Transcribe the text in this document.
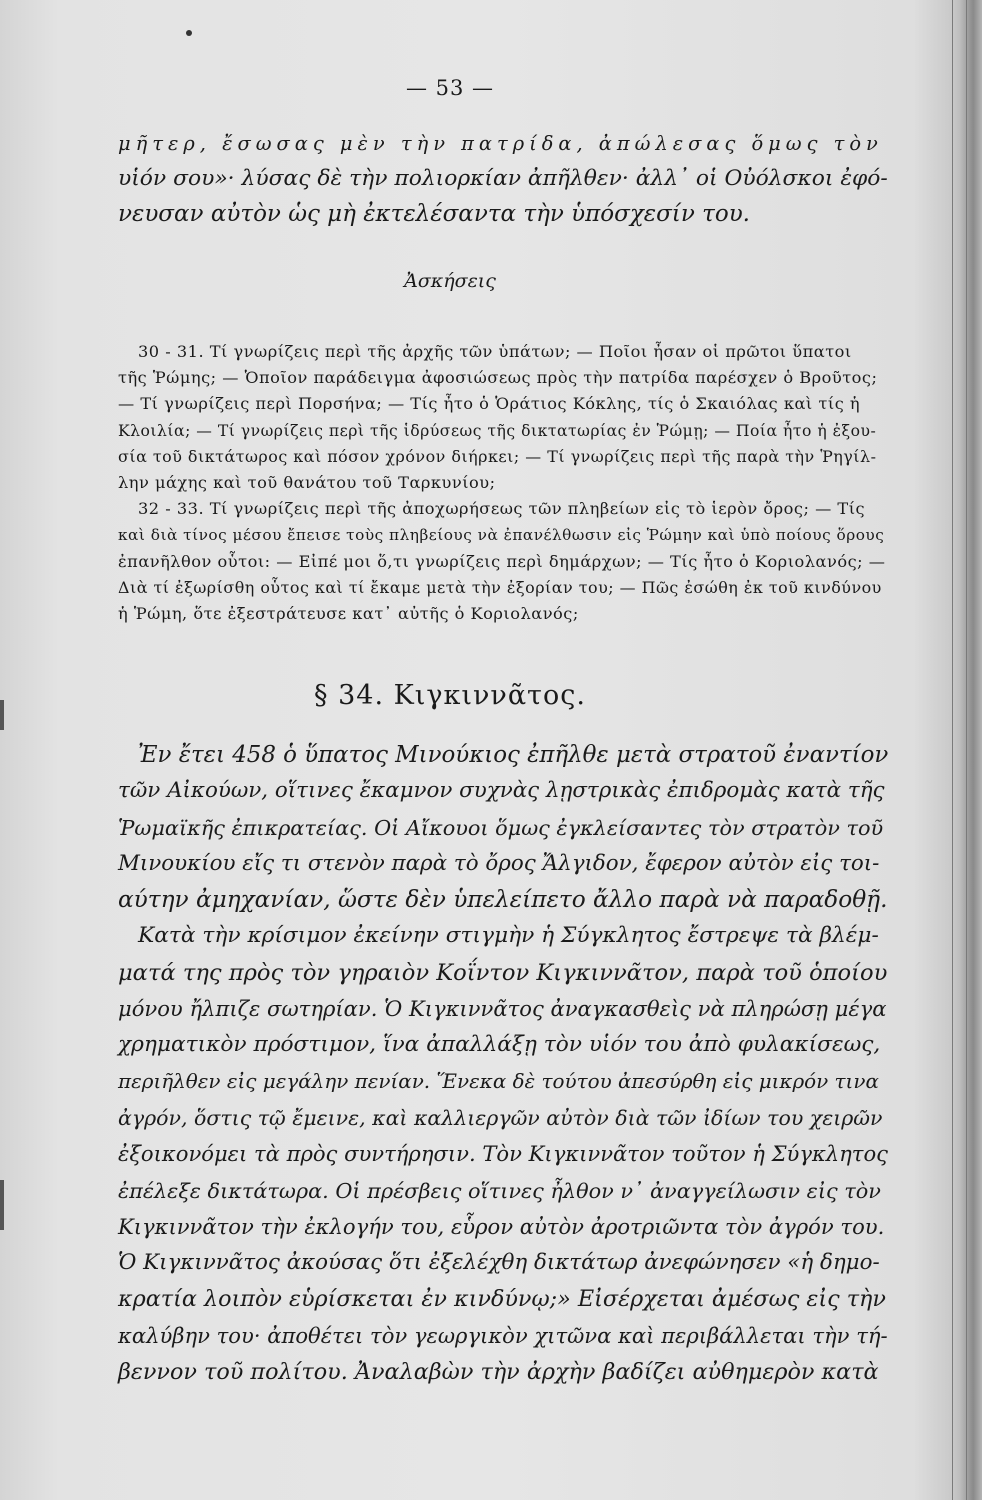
— 53 —
μῆτερ, ἔσωσας μὲν τὴν πατρίδα, ἀπώλεσας ὅμως τὸν
υἱόν σου»· λύσας δὲ τὴν πολιορκίαν ἀπῆλθεν· ἀλλ᾿ οἱ Οὐόλσκοι ἐφό-
νευσαν αὐτὸν ὡς μὴ ἐκτελέσαντα τὴν ὑπόσχεσίν του.
Ἀσκήσεις
30 - 31. Τί γνωρίζεις περὶ τῆς ἀρχῆς τῶν ὑπάτων; — Ποῖοι ἦσαν οἱ πρῶτοι ὕπατοι
τῆς Ῥώμης; — Ὁποῖον παράδειγμα ἀφοσιώσεως πρὸς τὴν πατρίδα παρέσχεν ὁ Βροῦτος;
— Τί γνωρίζεις περὶ Πορσήνα; — Τίς ἦτο ὁ Ὁράτιος Κόκλης, τίς ὁ Σκαιόλας καὶ τίς ἡ
Κλοιλία; — Τί γνωρίζεις περὶ τῆς ἱδρύσεως τῆς δικτατωρίας ἐν Ῥώμῃ; — Ποία ἦτο ἡ ἐξου-
σία τοῦ δικτάτωρος καὶ πόσον χρόνον διήρκει; — Τί γνωρίζεις περὶ τῆς παρὰ τὴν Ῥηγίλ-
λην μάχης καὶ τοῦ θανάτου τοῦ Ταρκυνίου;
32 - 33. Τί γνωρίζεις περὶ τῆς ἀποχωρήσεως τῶν πληβείων εἰς τὸ ἱερὸν ὄρος; — Τίς
καὶ διὰ τίνος μέσου ἔπεισε τοὺς πληβείους νὰ ἐπανέλθωσιν εἰς Ῥώμην καὶ ὑπὸ ποίους ὅρους
ἐπανῆλθον οὗτοι: — Εἰπέ μοι ὅ,τι γνωρίζεις περὶ δημάρχων; — Τίς ἦτο ὁ Κοριολανός; —
Διὰ τί ἐξωρίσθη οὗτος καὶ τί ἔκαμε μετὰ τὴν ἐξορίαν του; — Πῶς ἐσώθη ἐκ τοῦ κινδύνου
ἡ Ῥώμη, ὅτε ἐξεστράτευσε κατ᾿ αὐτῆς ὁ Κοριολανός;
§ 34. Κιγκιννᾶτος.
Ἐν ἔτει 458 ὁ ὕπατος Μινούκιος ἐπῆλθε μετὰ στρατοῦ ἐναντίον
τῶν Αἰκούων, οἵτινες ἔκαμνον συχνὰς λῃστρικὰς ἐπιδρομὰς κατὰ τῆς
Ῥωμαϊκῆς ἐπικρατείας. Οἱ Αἴκουοι ὅμως ἐγκλείσαντες τὸν στρατὸν τοῦ
Μινουκίου εἴς τι στενὸν παρὰ τὸ ὄρος Ἄλγιδον, ἔφερον αὐτὸν εἰς τοι-
αύτην ἀμηχανίαν, ὥστε δὲν ὑπελείπετο ἄλλο παρὰ νὰ παραδοθῇ.
Κατὰ τὴν κρίσιμον ἐκείνην στιγμὴν ἡ Σύγκλητος ἔστρεψε τὰ βλέμ-
ματά της πρὸς τὸν γηραιὸν Κοΐντον Κιγκιννᾶτον, παρὰ τοῦ ὁποίου
μόνου ἤλπιζε σωτηρίαν. Ὁ Κιγκιννᾶτος ἀναγκασθεὶς νὰ πληρώσῃ μέγα
χρηματικὸν πρόστιμον, ἵνα ἀπαλλάξῃ τὸν υἱόν του ἀπὸ φυλακίσεως,
περιῆλθεν εἰς μεγάλην πενίαν. Ἕνεκα δὲ τούτου ἀπεσύρθη εἰς μικρόν τινα
ἀγρόν, ὅστις τῷ ἔμεινε, καὶ καλλιεργῶν αὐτὸν διὰ τῶν ἰδίων του χειρῶν
ἐξοικονόμει τὰ πρὸς συντήρησιν. Τὸν Κιγκιννᾶτον τοῦτον ἡ Σύγκλητος
ἐπέλεξε δικτάτωρα. Οἱ πρέσβεις οἵτινες ἦλθον ν᾿ ἀναγγείλωσιν εἰς τὸν
Κιγκιννᾶτον τὴν ἐκλογήν του, εὗρον αὐτὸν ἀροτριῶντα τὸν ἀγρόν του.
Ὁ Κιγκιννᾶτος ἀκούσας ὅτι ἐξελέχθη δικτάτωρ ἀνεφώνησεν «ἡ δημο-
κρατία λοιπὸν εὑρίσκεται ἐν κινδύνῳ;» Εἰσέρχεται ἀμέσως εἰς τὴν
καλύβην του· ἀποθέτει τὸν γεωργικὸν χιτῶνα καὶ περιβάλλεται τὴν τή-
βεννον τοῦ πολίτου. Ἀναλαβὼν τὴν ἀρχὴν βαδίζει αὐθημερὸν κατὰ
